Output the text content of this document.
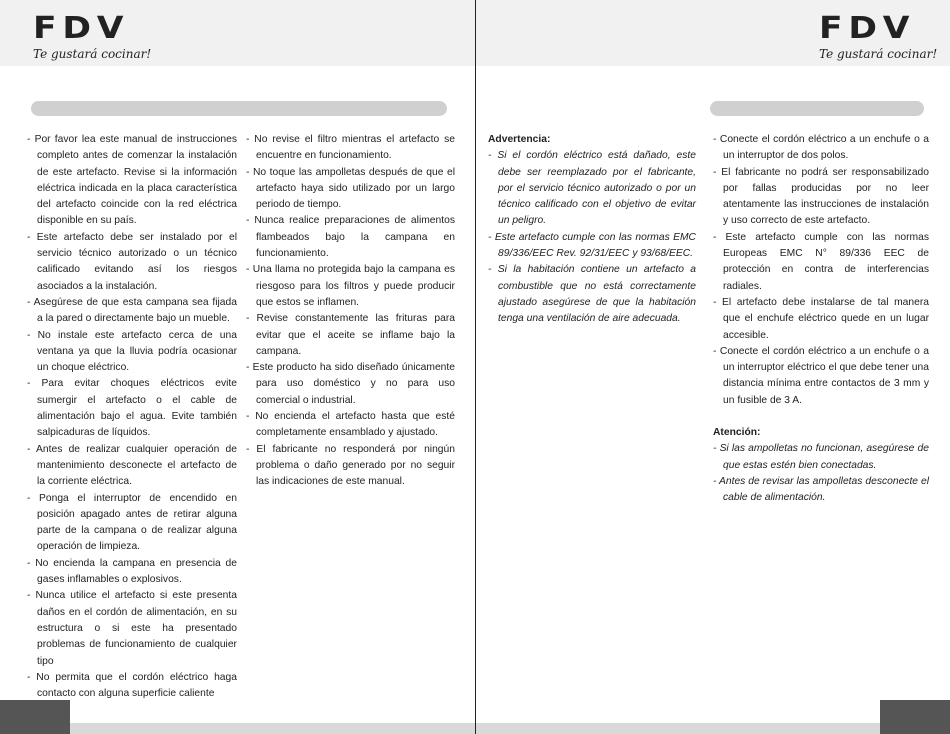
FDV
Te gustará cocinar!

- Por favor lea este manual de instrucciones completo antes de comenzar la instalación de este artefacto. Revise si la información eléctrica indicada en la placa característica del artefacto coincide con la red eléctrica disponible en su país.

- Este artefacto debe ser instalado por el servicio técnico autorizado o un técnico calificado evitando así los riesgos asociados a la instalación.

- Asegúrese de que esta campana sea fijada a la pared o directamente bajo un mueble.

- No instale este artefacto cerca de una ventana ya que la lluvia podría ocasionar un choque eléctrico.

- Para evitar choques eléctricos evite sumergir el artefacto o el cable de alimentación bajo el agua. Evite también salpicaduras de líquidos.

- Antes de realizar cualquier operación de mantenimiento desconecte el artefacto de la corriente eléctrica.

- Ponga el interruptor de encendido en posición apagado antes de retirar alguna parte de la campana o de realizar alguna operación de limpieza.

- No encienda la campana en presencia de gases inflamables o explosivos.

- Nunca utilice el artefacto si este presenta daños en el cordón de alimentación, en su estructura o si este ha presentado problemas de funcionamiento de cualquier tipo

- No permita que el cordón eléctrico haga contacto con alguna superficie caliente

- No revise el filtro mientras el artefacto se encuentre en funcionamiento.

- No toque las ampolletas después de que el artefacto haya sido utilizado por un largo periodo de tiempo.

- Nunca realice preparaciones de alimentos flambeados bajo la campana en funcionamiento.

- Una llama no protegida bajo la campana es riesgoso para los filtros y puede producir que estos se inflamen.

- Revise constantemente las frituras para evitar que el aceite se inflame bajo la campana.

- Este producto ha sido diseñado únicamente para uso doméstico y no para uso comercial o industrial.

- No encienda el artefacto hasta que esté completamente ensamblado y ajustado.

- El fabricante no responderá por ningún problema o daño generado por no seguir las indicaciones de este manual.

FDV
Te gustará cocinar!

Advertencia:

- Si el cordón eléctrico está dañado, este debe ser reemplazado por el fabricante, por el servicio técnico autorizado o por un técnico calificado con el objetivo de evitar un peligro.

- Este artefacto cumple con las normas EMC 89/336/EEC Rev. 92/31/EEC y 93/68/EEC.

- Si la habitación contiene un artefacto a combustible que no está correctamente ajustado asegúrese de que la habitación tenga una ventilación de aire adecuada.

- Conecte el cordón eléctrico a un enchufe o a un interruptor de dos polos.

- El fabricante no podrá ser responsabilizado por fallas producidas por no leer atentamente las instrucciones de instalación y uso correcto de este artefacto.

- Este artefacto cumple con las normas Europeas EMC N° 89/336 EEC de protección en contra de interferencias radiales.

- El artefacto debe instalarse de tal manera que el enchufe eléctrico quede en un lugar accesible.

- Conecte el cordón eléctrico a un enchufe o a un interruptor eléctrico el que debe tener una distancia mínima entre contactos de 3 mm y un fusible de 3 A.

Atención:

- Si las ampolletas no funcionan, asegúrese de que estas estén bien conectadas.

- Antes de revisar las ampolletas desconecte el cable de alimentación.
